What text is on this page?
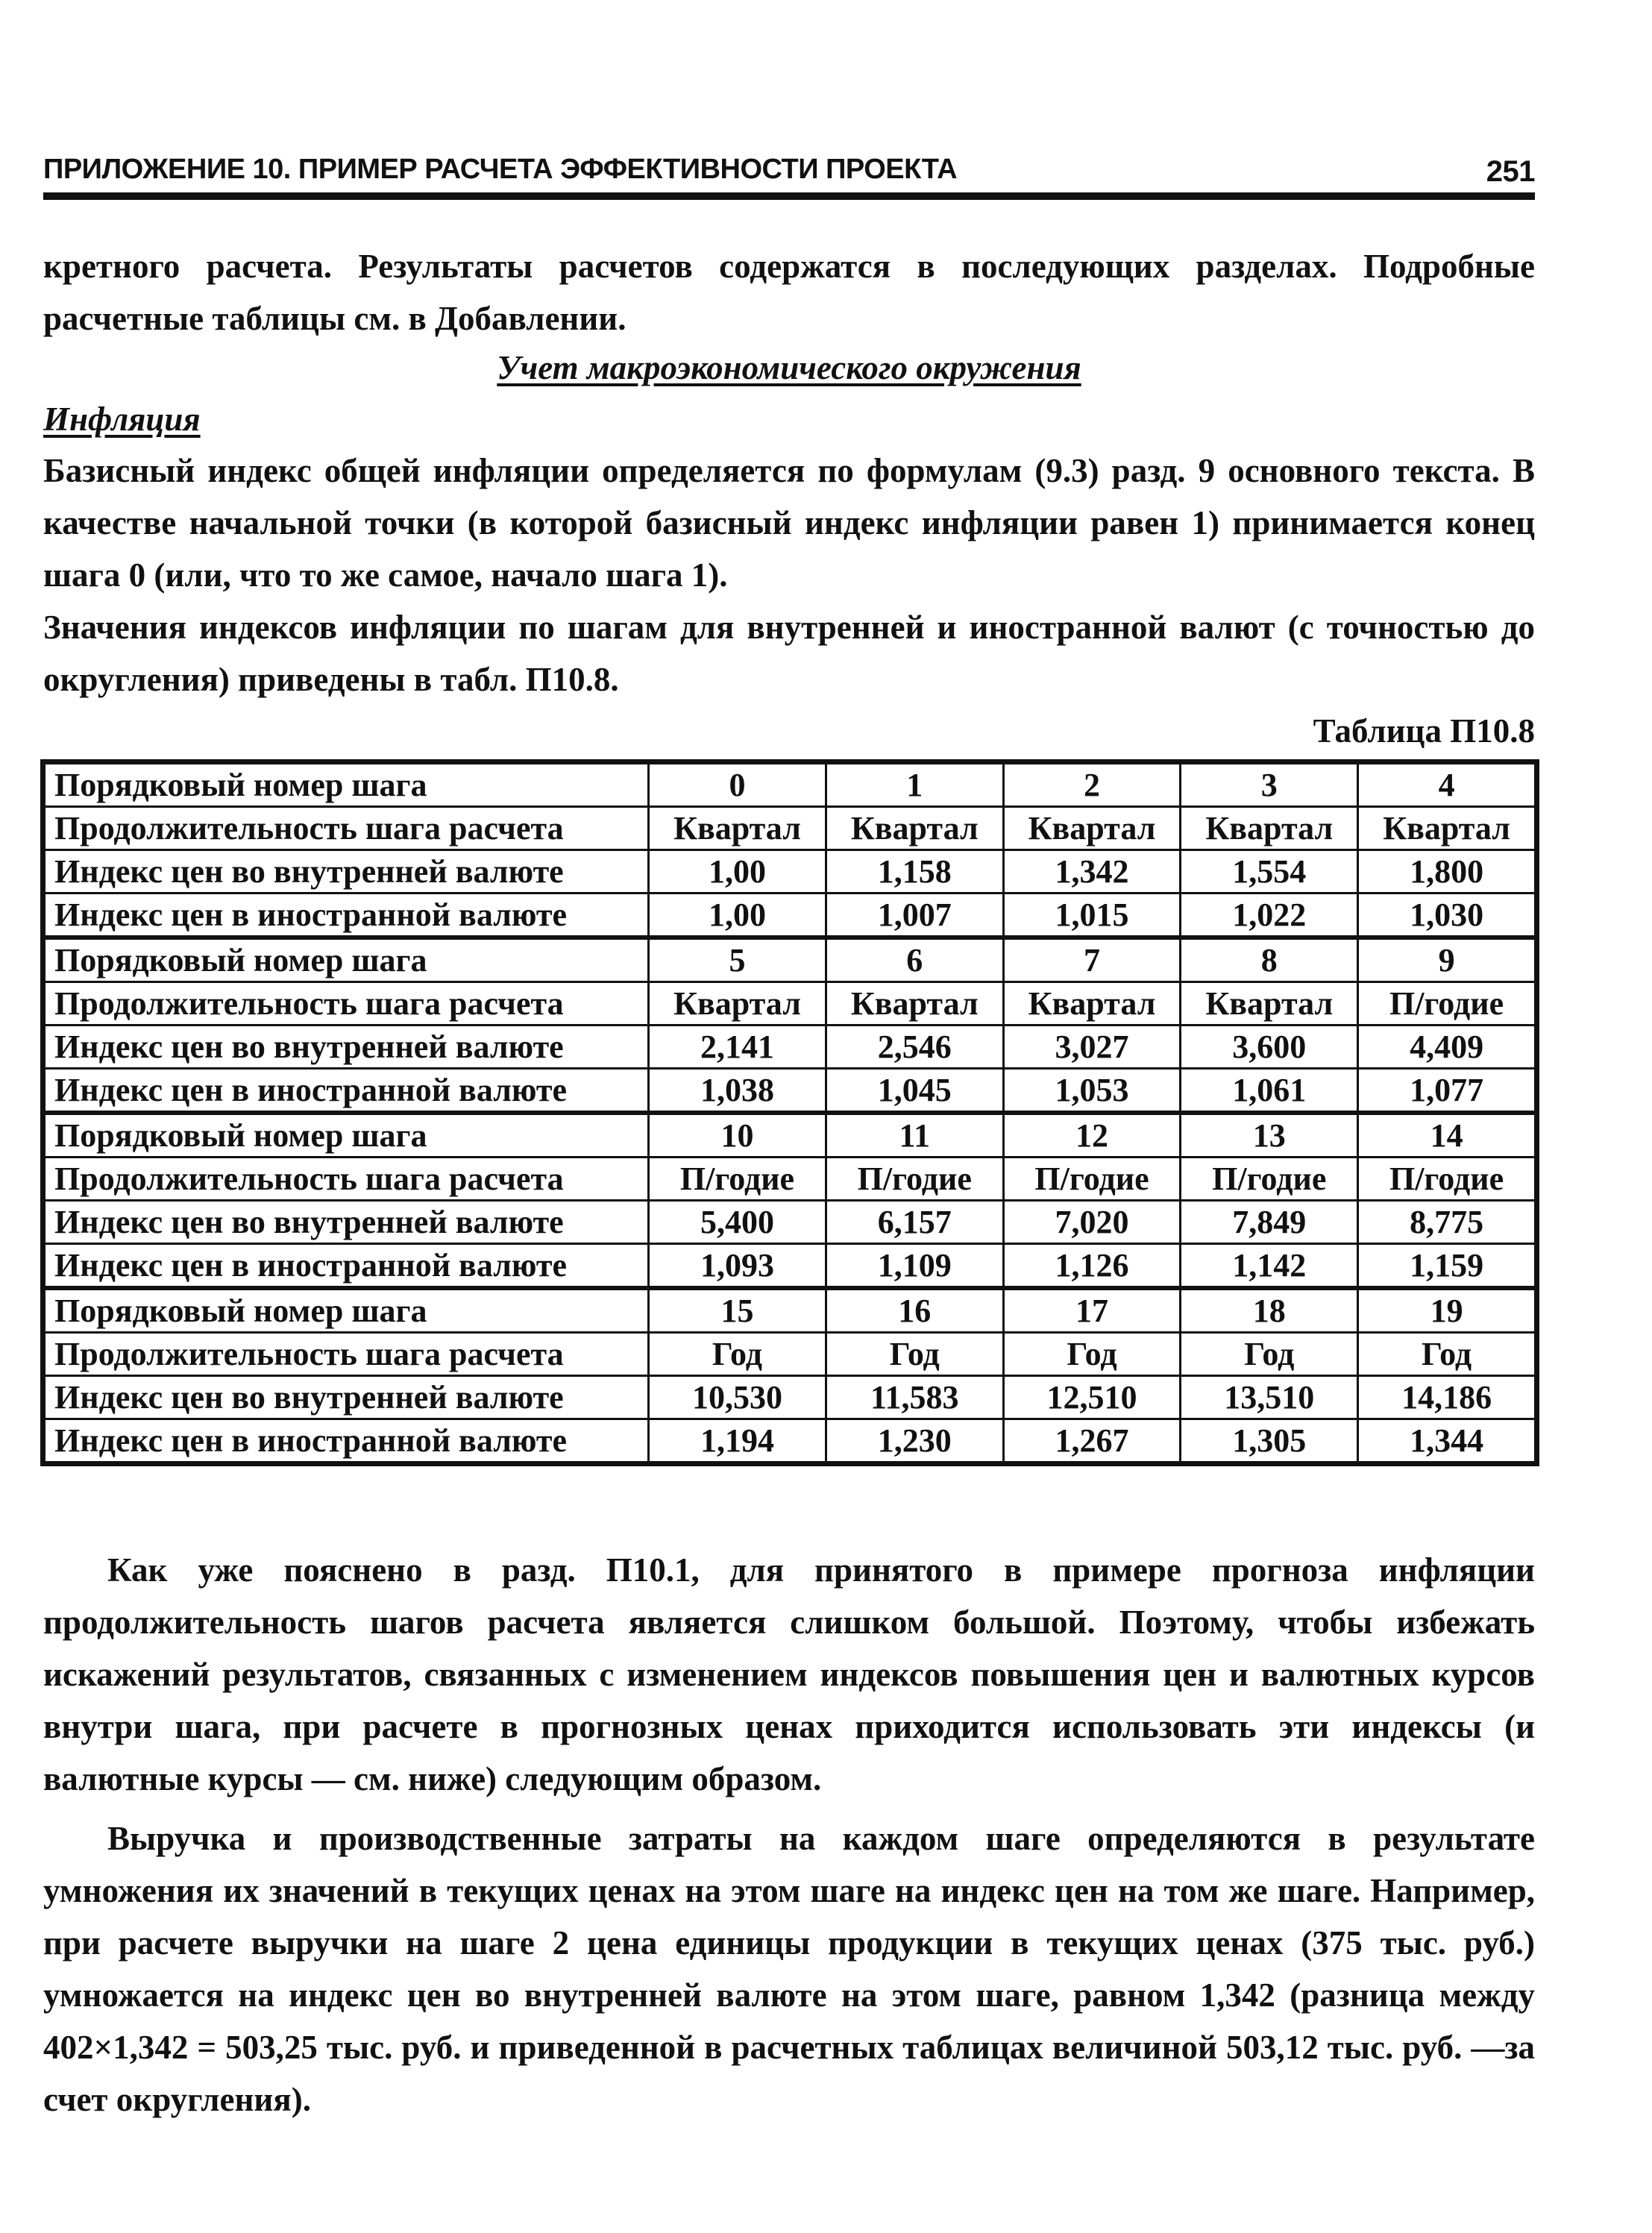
ПРИЛОЖЕНИЕ 10. ПРИМЕР РАСЧЕТА ЭФФЕКТИВНОСТИ ПРОЕКТА	251
кретного расчета. Результаты расчетов содержатся в последующих разделах. Подробные расчетные таблицы см. в Добавлении.
Учет макроэкономического окружения
Инфляция
Базисный индекс общей инфляции определяется по формулам (9.3) разд. 9 основного текста. В качестве начальной точки (в которой базисный индекс инфляции равен 1) принимается конец шага 0 (или, что то же самое, начало шага 1).
Значения индексов инфляции по шагам для внутренней и иностранной валют (с точностью до округления) приведены в табл. П10.8.
Таблица П10.8
Порядковый номер шага	0	1	2	3	4
Продолжительность шага расчета	Квартал	Квартал	Квартал	Квартал	Квартал
Индекс цен во внутренней валюте	1,00	1,158	1,342	1,554	1,800
Индекс цен в иностранной валюте	1,00	1,007	1,015	1,022	1,030
Порядковый номер шага	5	6	7	8	9
Продолжительность шага расчета	Квартал	Квартал	Квартал	Квартал	П/годие
Индекс цен во внутренней валюте	2,141	2,546	3,027	3,600	4,409
Индекс цен в иностранной валюте	1,038	1,045	1,053	1,061	1,077
Порядковый номер шага	10	11	12	13	14
Продолжительность шага расчета	П/годие	П/годие	П/годие	П/годие	П/годие
Индекс цен во внутренней валюте	5,400	6,157	7,020	7,849	8,775
Индекс цен в иностранной валюте	1,093	1,109	1,126	1,142	1,159
Порядковый номер шага	15	16	17	18	19
Продолжительность шага расчета	Год	Год	Год	Год	Год
Индекс цен во внутренней валюте	10,530	11,583	12,510	13,510	14,186
Индекс цен в иностранной валюте	1,194	1,230	1,267	1,305	1,344
Как уже пояснено в разд. П10.1, для принятого в примере прогноза инфляции продолжительность шагов расчета является слишком большой. Поэтому, чтобы избежать искажений результатов, связанных с изменением индексов повышения цен и валютных курсов внутри шага, при расчете в прогнозных ценах приходится использовать эти индексы (и валютные курсы — см. ниже) следующим образом.
Выручка и производственные затраты на каждом шаге определяются в результате умножения их значений в текущих ценах на этом шаге на индекс цен на том же шаге. Например, при расчете выручки на шаге 2 цена единицы продукции в текущих ценах (375 тыс. руб.) умножается на индекс цен во внутренней валюте на этом шаге, равном 1,342 (разница между 402×1,342 = 503,25 тыс. руб. и приведенной в расчетных таблицах величиной 503,12 тыс. руб. —за счет округления).
